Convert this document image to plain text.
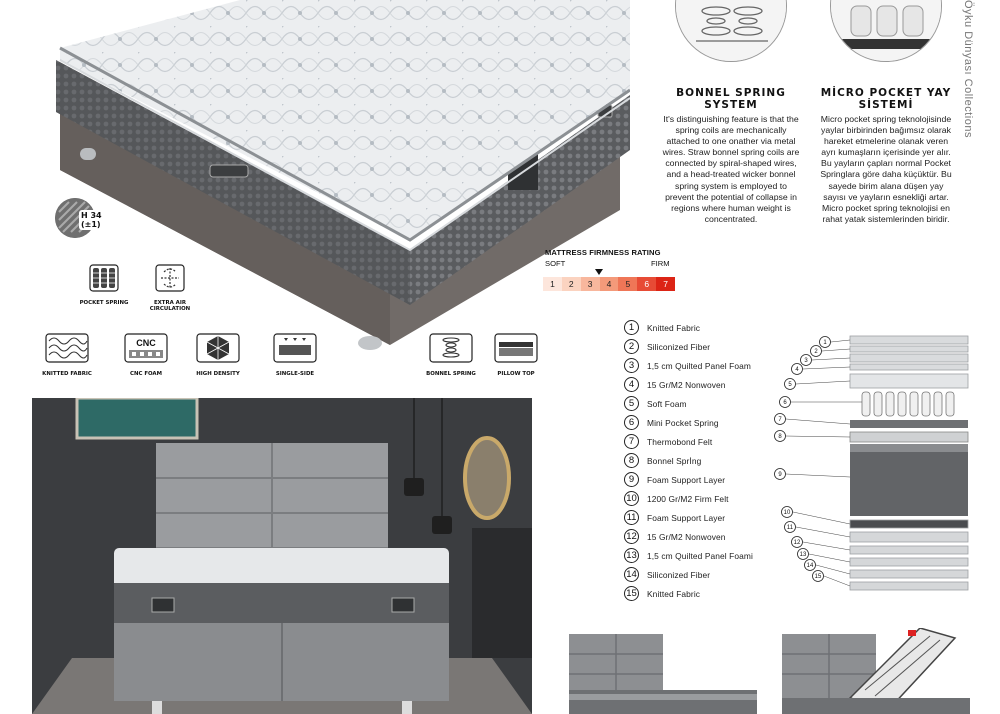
H 34
(±1)
POCKET SPRING	EXTRA AIR CIRCULATION
KNITTED FABRIC
CNC
CNC FOAM	HIGH DENSITY	SINGLE-SIDE	BONNEL SPRING	PILLOW TOP
BONNEL SPRING SYSTEM
It's distinguishing feature is that the spring coils are mechanically attached to one onather via metal wires. Straw bonnel spring coils are connected by spiral-shaped wires, and a head-treated wicker bonnel spring system is employed to prevent the potential of collapse in regions where human weight is concentrated.
MİCRO POCKET YAY SİSTEMİ
Micro pocket spring teknolojisinde yaylar birbirinden bağımsız olarak hareket etmelerine olanak veren ayrı kumaşların içerisinde yer alır. Bu yayların çapları normal Pocket Springlara göre daha küçüktür. Bu sayede birim alana düşen yay sayısı ve yayların esnekliği artar. Micro pocket spring teknolojisi en rahat yatak sistemlerinden biridir.
Öyku Dünyası Collections
MATTRESS FIRMNESS RATING
SOFT	FIRM
1	2	3	4	5	6	7
1	Knitted Fabric
2	Siliconized Fiber
3	1,5 cm Quilted Panel Foam
4	15 Gr/M2 Nonwoven
5	Soft Foam
6	Mini Pocket Spring
7	Thermobond Felt
8	Bonnel Sprİng
9	Foam Support Layer
10 1200 Gr/M2 Firm Felt
11	Foam Support Layer
12 15 Gr/M2 Nonwoven
13 1,5 cm Quilted Panel Foami
14 Siliconized Fiber
15 Knitted Fabric
1
2
3
4
5
6
7
8
9
10
11
12
13
14
15
